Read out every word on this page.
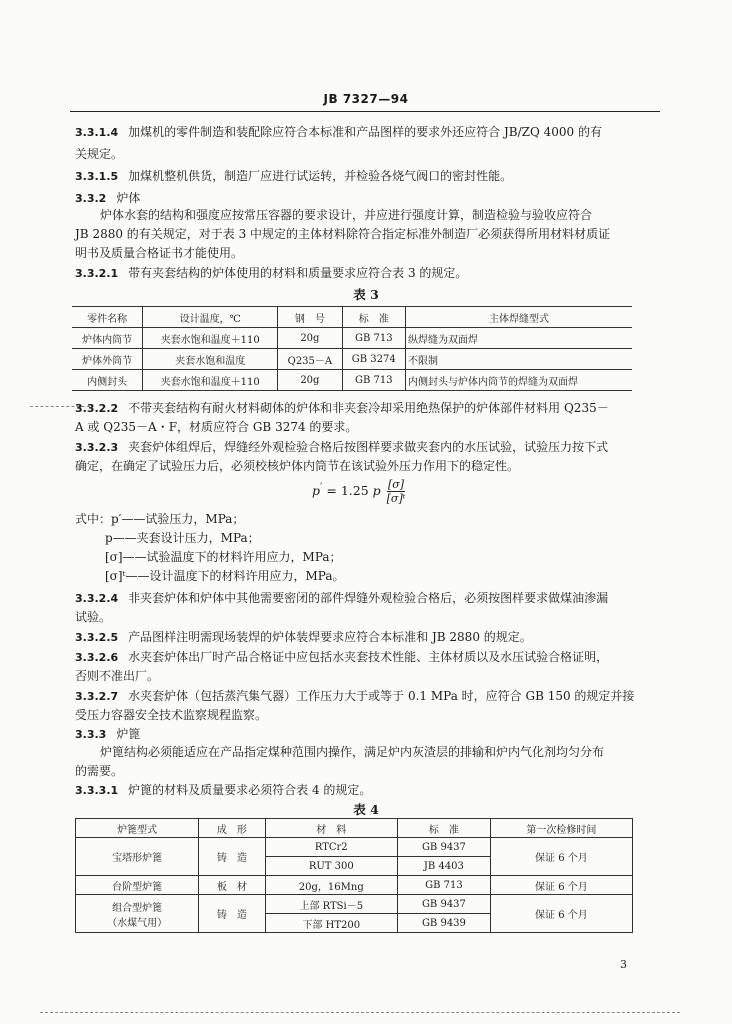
JB 7327—94
3.3.1.4 加煤机的零件制造和装配除应符合本标准和产品图样的要求外还应符合 JB/ZQ 4000 的有
关规定。
3.3.1.5 加煤机整机供货，制造厂应进行试运转，并检验各烧气阀口的密封性能。
3.3.2 炉体
炉体水套的结构和强度应按常压容器的要求设计，并应进行强度计算，制造检验与验收应符合
JB 2880 的有关规定，对于表 3 中规定的主体材料除符合指定标准外制造厂必须获得所用材料材质证
明书及质量合格证书才能使用。
3.3.2.1 带有夹套结构的炉体使用的材料和质量要求应符合表 3 的规定。
表 3
零件名称	设计温度，℃	钢　号	标　准	主体焊缝型式
炉体内筒节	夹套水饱和温度＋110	20g	GB 713	纵焊缝为双面焊
炉体外筒节	夹套水饱和温度	Q235－A	GB 3274	不限制
内侧封头	夹套水饱和温度＋110	20g	GB 713	内侧封头与炉体内筒节的焊缝为双面焊
3.3.2.2 不带夹套结构有耐火材料砌体的炉体和非夹套冷却采用绝热保护的炉体部件材料用 Q235－
A 或 Q235－A・F，材质应符合 GB 3274 的要求。
3.3.2.3 夹套炉体组焊后，焊缝经外观检验合格后按图样要求做夹套内的水压试验，试验压力按下式
确定，在确定了试验压力后，必须校核炉体内筒节在该试验外压力作用下的稳定性。
p′ = 1.25 p $\frac{[\sigma]}{\text{[σ]ᵗ}}$
式中：p′——试验压力，MPa；
p——夹套设计压力，MPa；
[σ]——试验温度下的材料许用应力，MPa；
[σ]ᵗ——设计温度下的材料许用应力，MPa。
3.3.2.4 非夹套炉体和炉体中其他需要密闭的部件焊缝外观检验合格后，必须按图样要求做煤油渗漏
试验。
3.3.2.5 产品图样注明需现场装焊的炉体装焊要求应符合本标准和 JB 2880 的规定。
3.3.2.6 水夹套炉体出厂时产品合格证中应包括水夹套技术性能、主体材质以及水压试验合格证明，
否则不准出厂。
3.3.2.7 水夹套炉体（包括蒸汽集气器）工作压力大于或等于 0.1 MPa 时，应符合 GB 150 的规定并接
受压力容器安全技术监察规程监察。
3.3.3 炉篦
炉篦结构必须能适应在产品指定煤种范围内操作，满足炉内灰渣层的排输和炉内气化剂均匀分布
的需要。
3.3.3.1 炉篦的材料及质量要求必须符合表 4 的规定。
表 4
炉篦型式	成　形	材　料	标　准	第一次检修时间
宝塔形炉篦	铸　造	RTCr2	GB 9437	保证 6 个月
		RUT 300	JB 4403	
台阶型炉篦	板　材	20g，16Mng	GB 713	保证 6 个月
组合型炉篦
（水煤气用）	铸　造	上部 RTSi－5	GB 9437	保证 6 个月
		下部 HT200	GB 9439	
3
